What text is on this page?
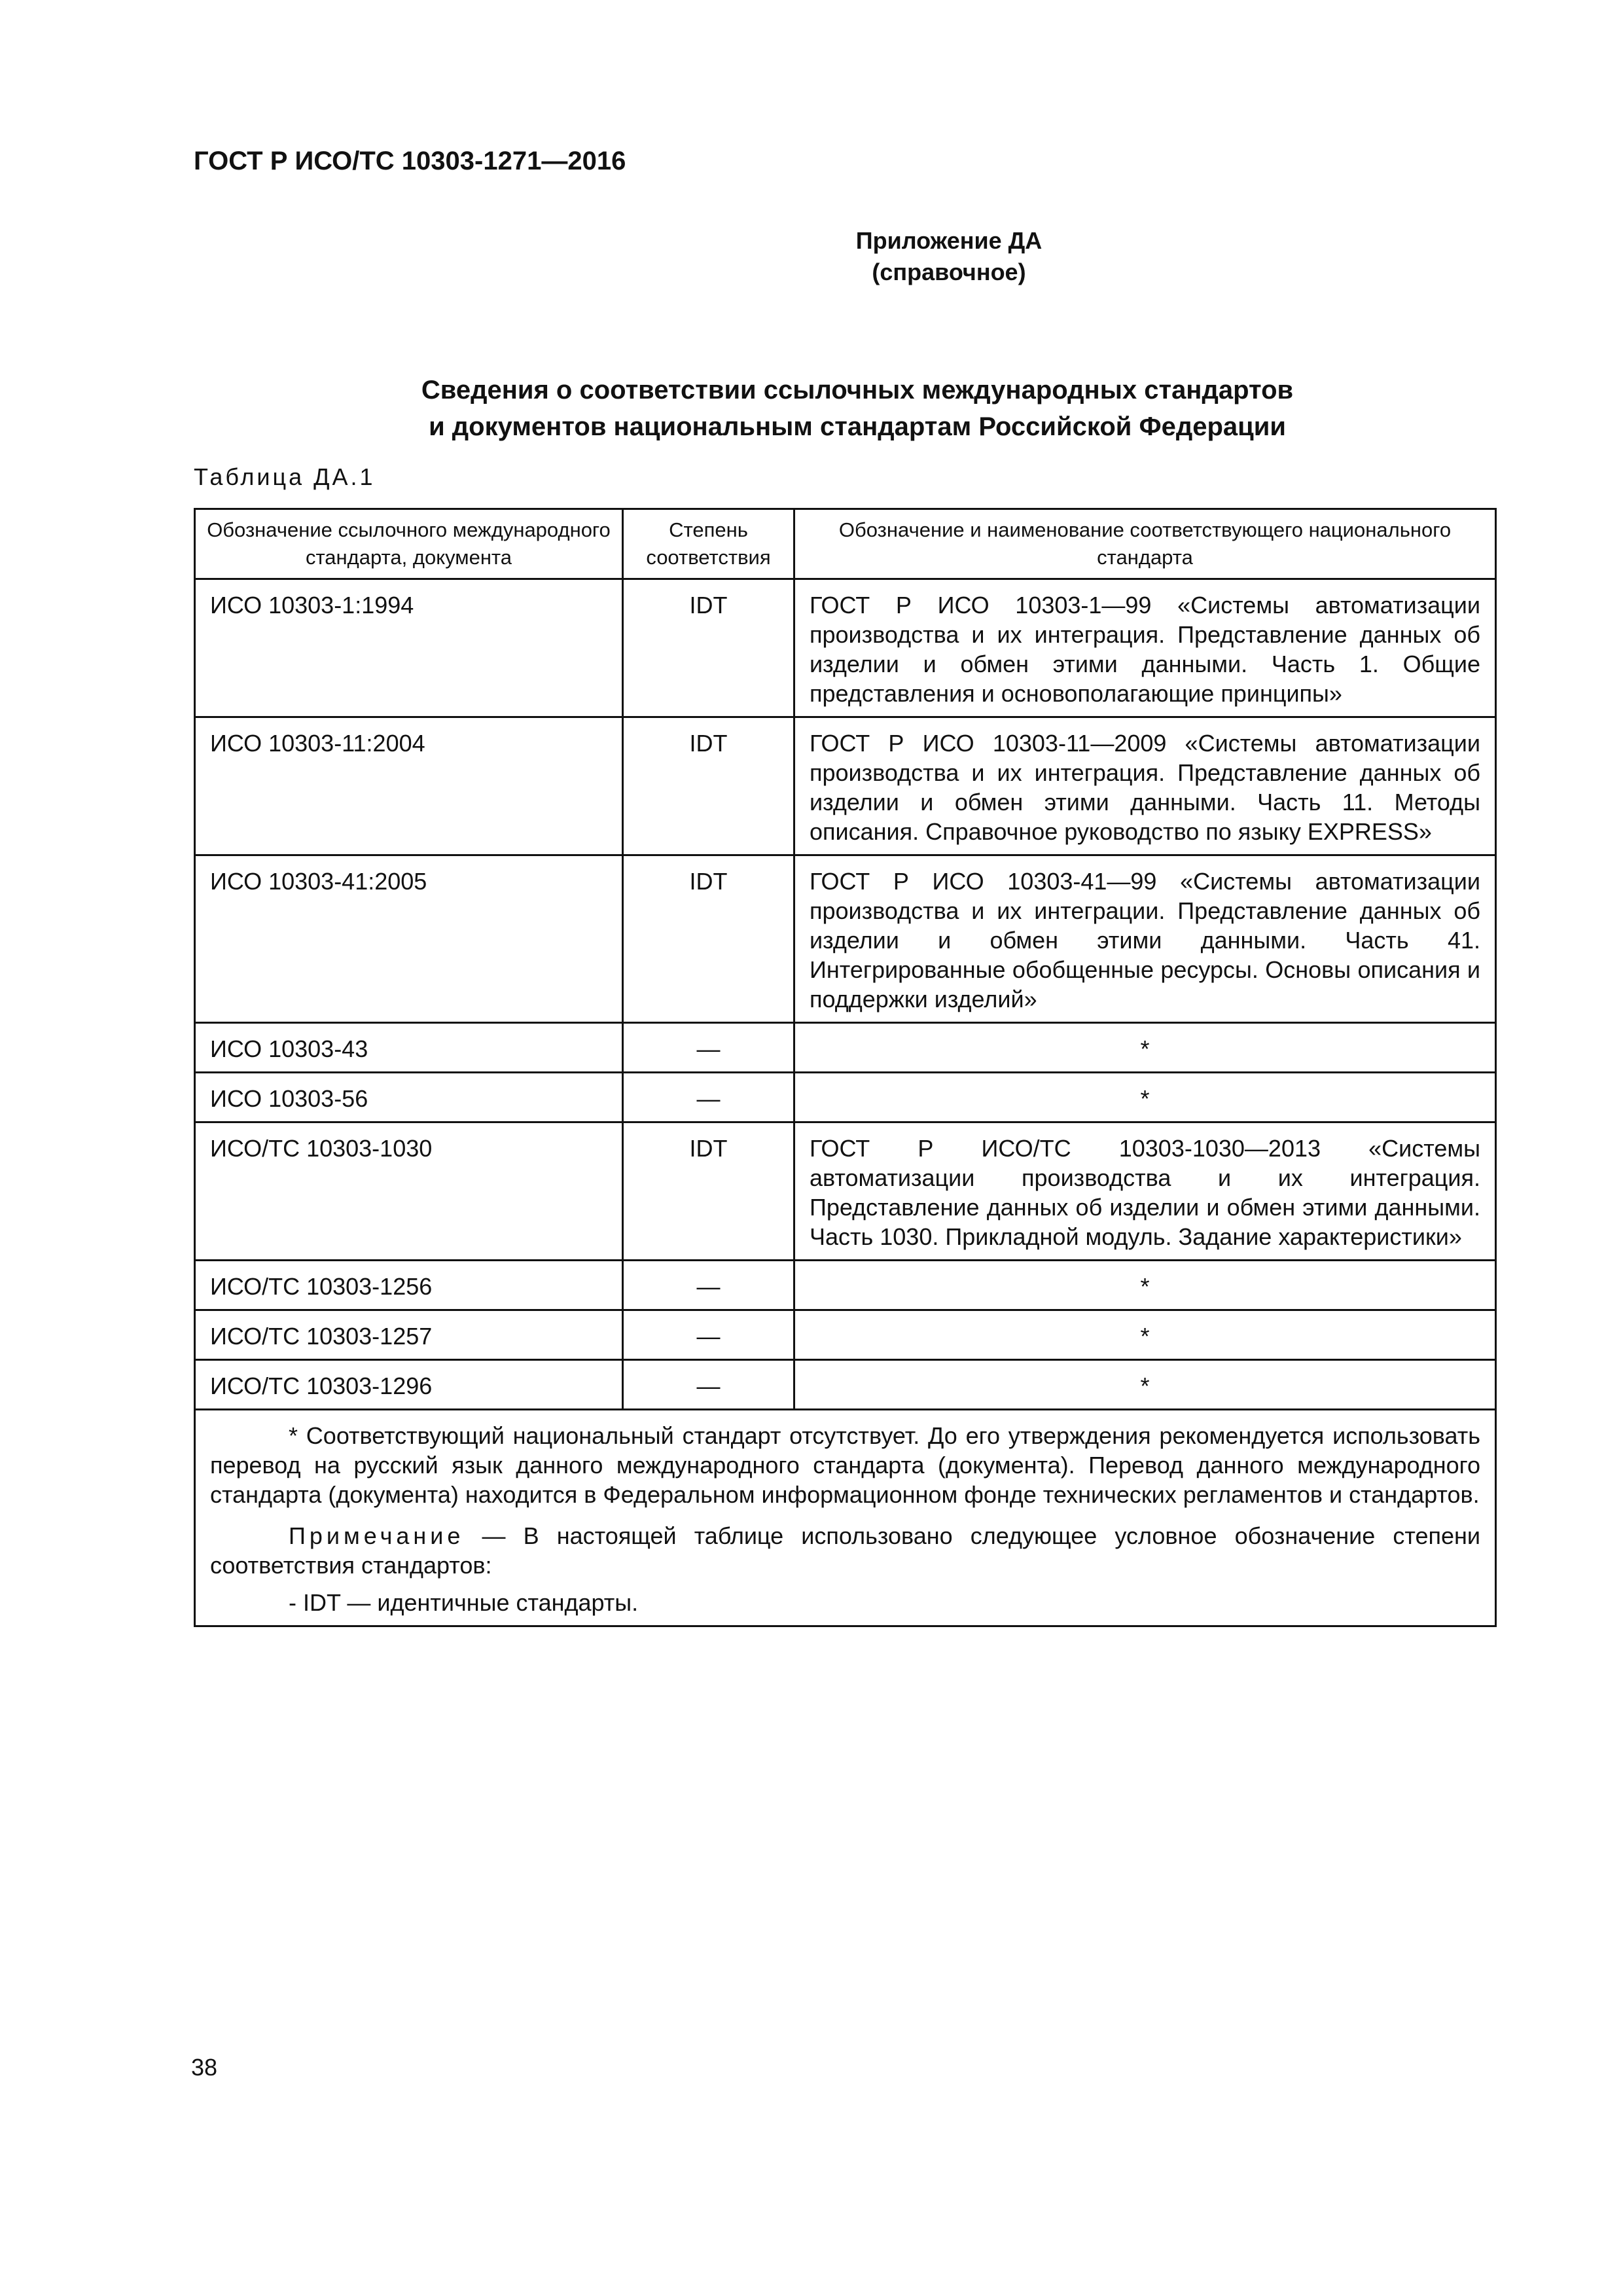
ГОСТ Р ИСО/ТС 10303-1271—2016
Приложение ДА
(справочное)
Сведения о соответствии ссылочных международных стандартов
и документов национальным стандартам Российской Федерации
Таблица ДА.1
Обозначение ссылочного международного стандарта, документа	Степень соответствия	Обозначение и наименование соответствующего национального стандарта
ИСО 10303-1:1994	IDT	ГОСТ Р ИСО 10303-1—99 «Системы автоматизации производства и их интеграция. Представление данных об изделии и обмен этими данными. Часть 1. Общие представления и основополагающие принципы»
ИСО 10303-11:2004	IDT	ГОСТ Р ИСО 10303-11—2009 «Системы автоматизации производства и их интеграция. Представление данных об изделии и обмен этими данными. Часть 11. Методы описания. Справочное руководство по языку EXPRESS»
ИСО 10303-41:2005	IDT	ГОСТ Р ИСО 10303-41—99 «Системы автоматизации производства и их интеграции. Представление данных об изделии и обмен этими данными. Часть 41. Интегрированные обобщенные ресурсы. Основы описания и поддержки изделий»
ИСО 10303-43	—	*
ИСО 10303-56	—	*
ИСО/ТС 10303-1030	IDT	ГОСТ Р ИСО/ТС 10303-1030—2013 «Системы автоматизации производства и их интеграция. Представление данных об изделии и обмен этими данными. Часть 1030. Прикладной модуль. Задание характеристики»
ИСО/ТС 10303-1256	—	*
ИСО/ТС 10303-1257	—	*
ИСО/ТС 10303-1296	—	*

* Соответствующий национальный стандарт отсутствует. До его утверждения рекомендуется использовать перевод на русский язык данного международного стандарта (документа). Перевод данного международного стандарта (документа) находится в Федеральном информационном фонде технических регламентов и стандартов.

Примечание — В настоящей таблице использовано следующее условное обозначение степени соответствия стандартов:

- IDT — идентичные стандарты.		

38
